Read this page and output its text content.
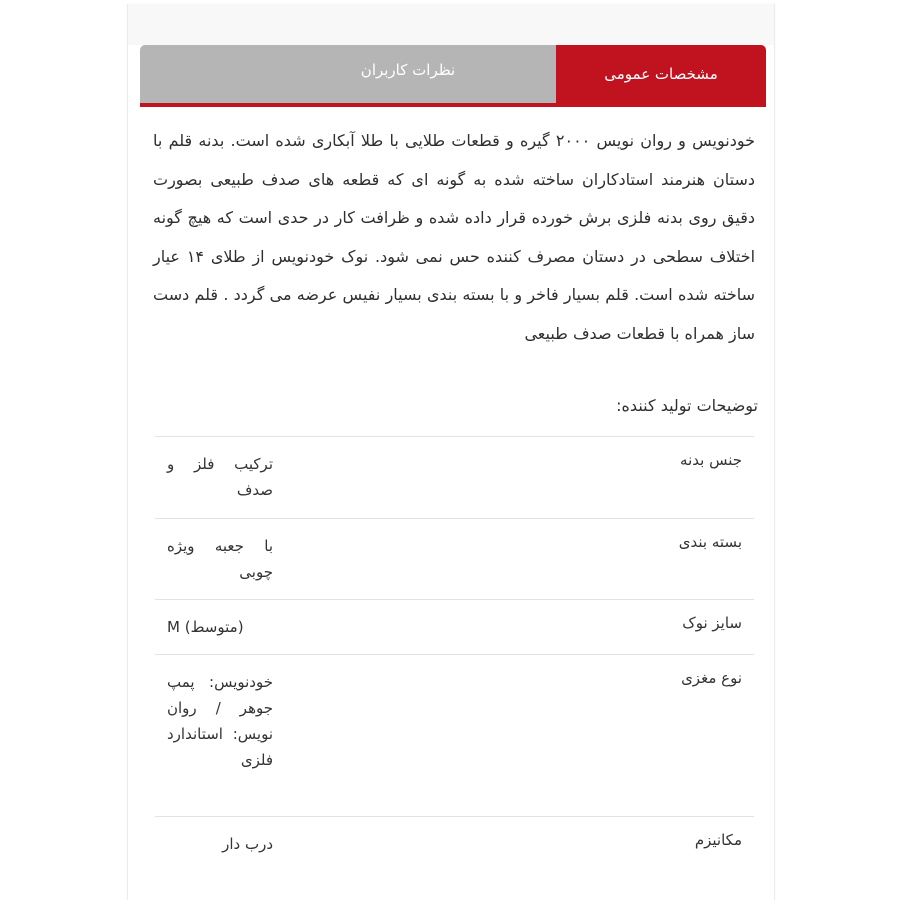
نظرات کاربران	مشخصات عمومی

خودنویس و روان نویس ۲۰۰۰ گیره و قطعات طلایی با طلا آبکاری شده است. بدنه قلم با دستان هنرمند استادکاران ساخته شده به گونه ای که قطعه های صدف طبیعی بصورت دقیق روی بدنه فلزی برش خورده قرار داده شده و ظرافت کار در حدی است که هیچ گونه اختلاف سطحی در دستان مصرف کننده حس نمی شود. نوک خودنویس از طلای ۱۴ عیار ساخته شده است. قلم بسیار فاخر و با بسته بندی بسیار نفیس عرضه می گردد . قلم دست ساز همراه با قطعات صدف طبیعی

توضیحات تولید کننده:
جنس بدنه
ترکیب فلز و صدف
بسته بندی
با جعبه ویژه چوبی
سایز نوک
M (متوسط)
نوع مغزی
خودنویس: پمپ جوهر / روان نویس: استاندارد فلزی
مکانیزم
درب دار
